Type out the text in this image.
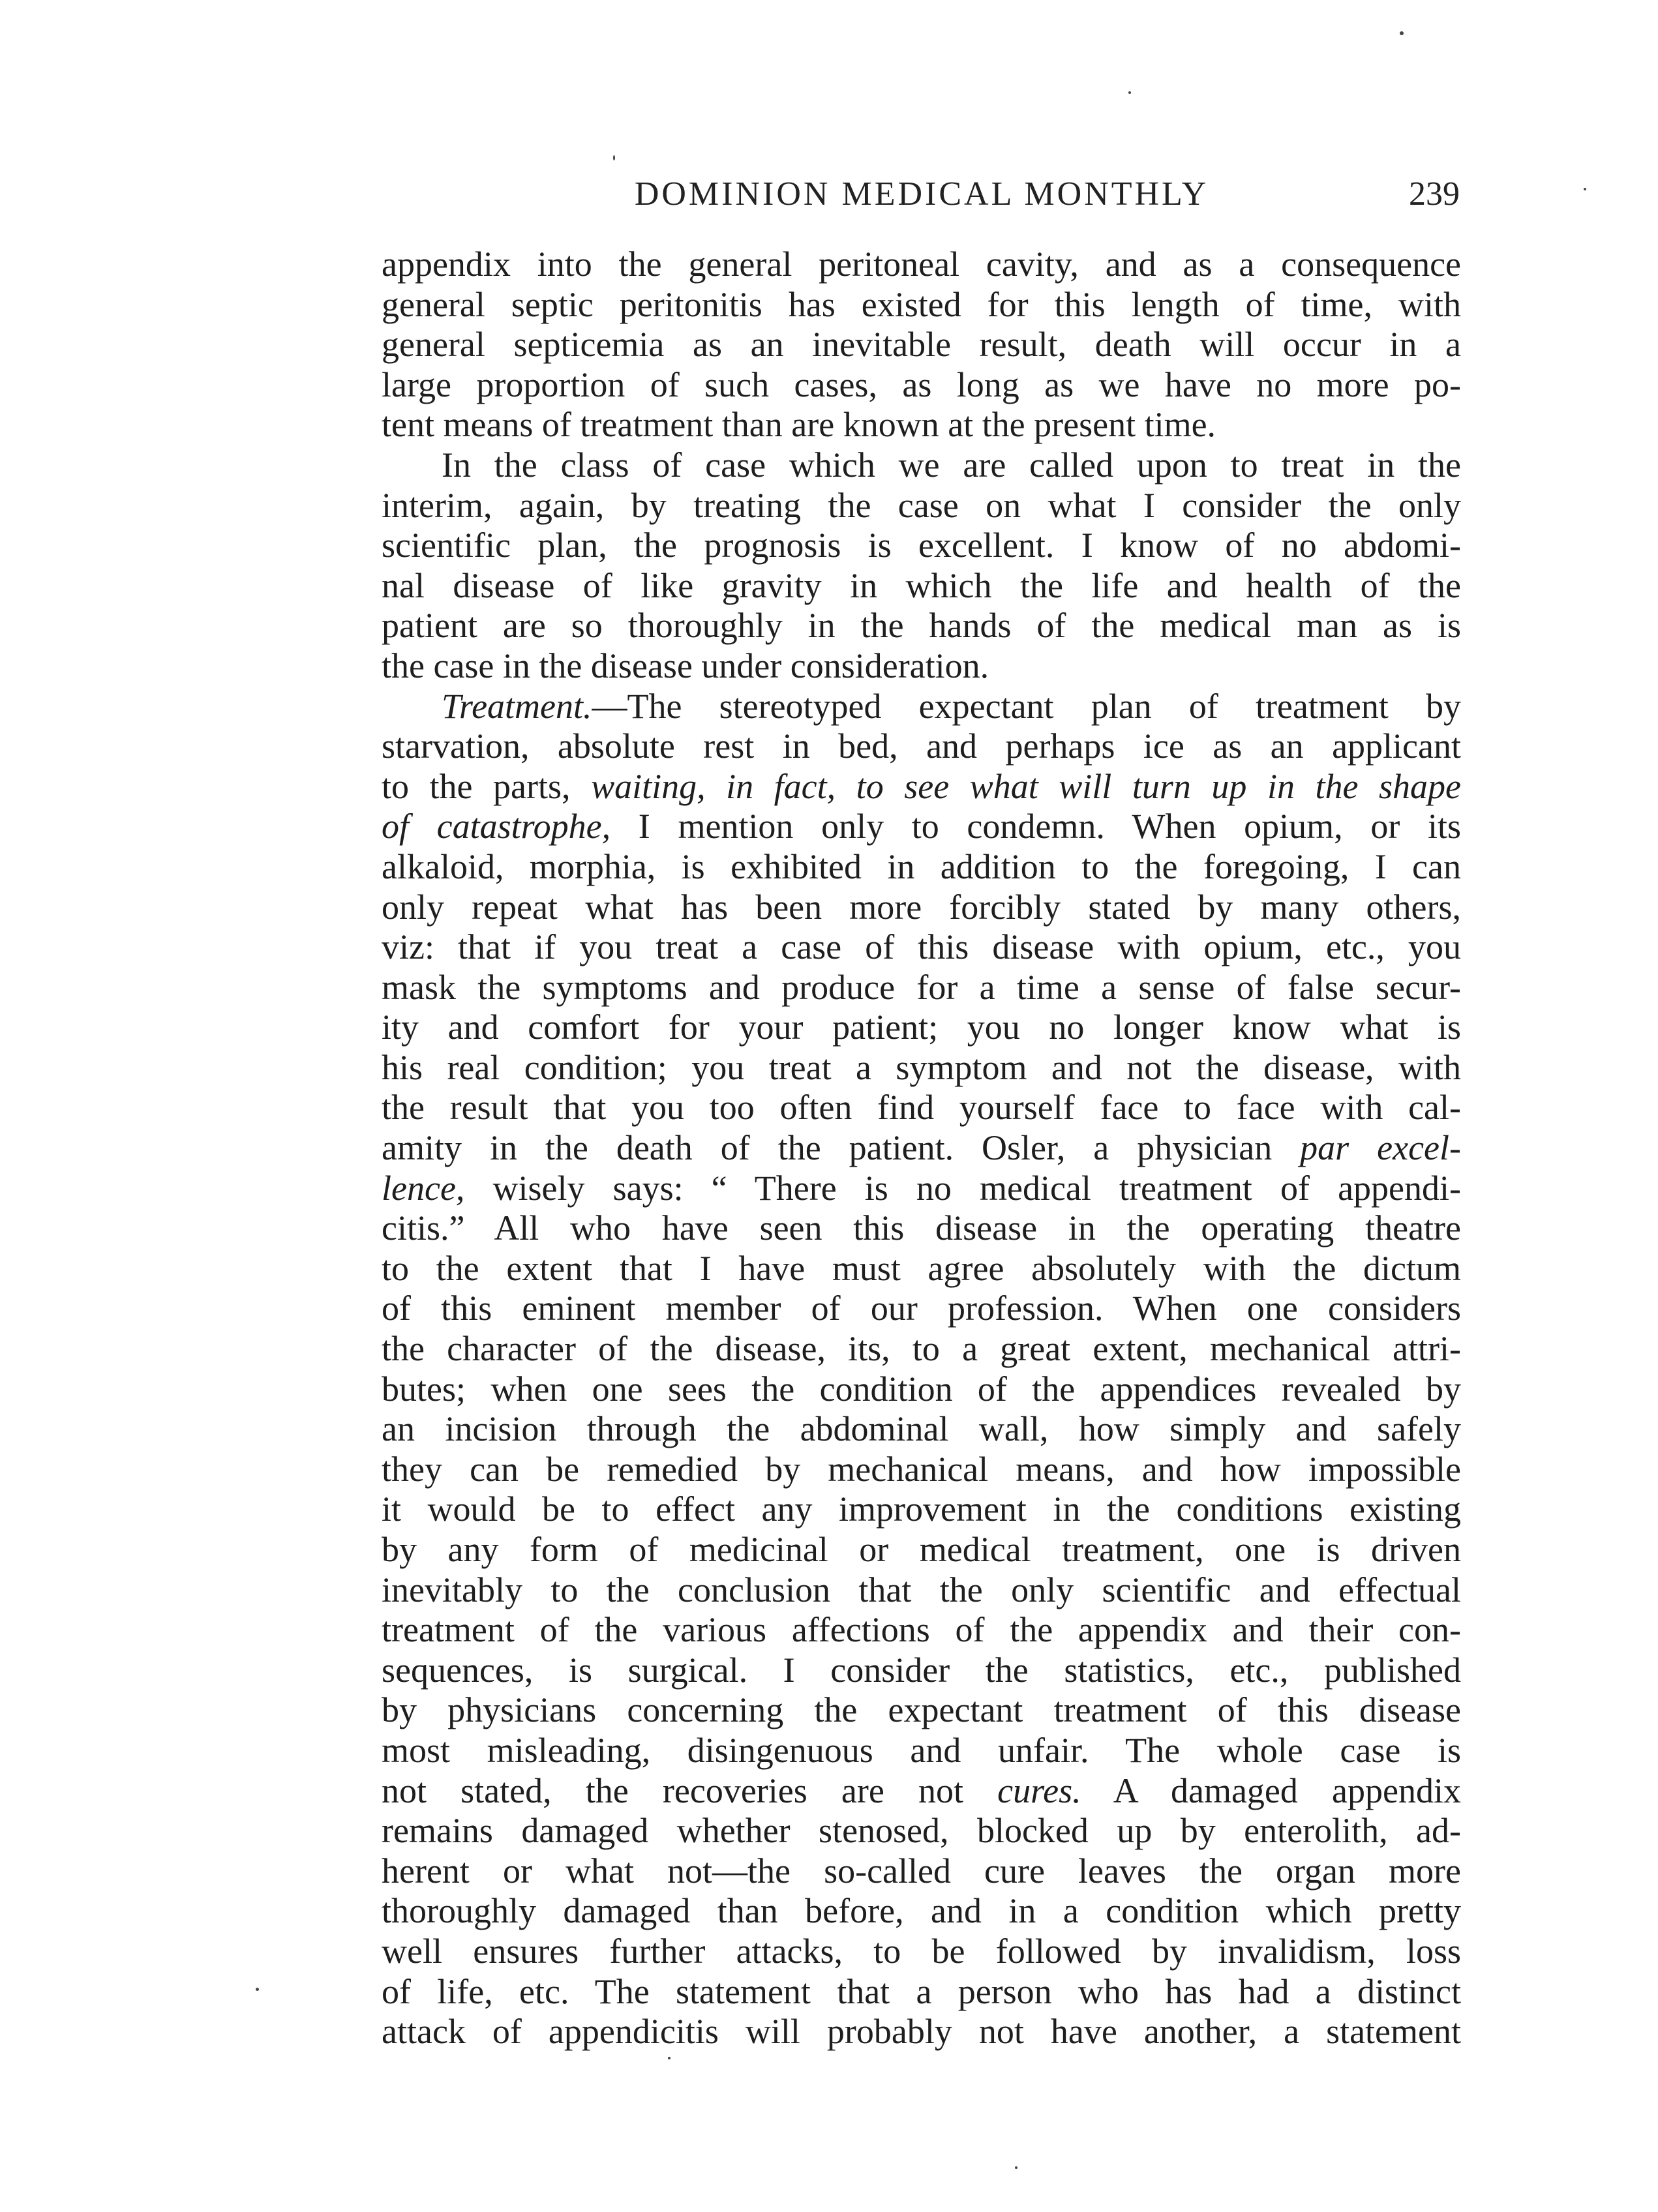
DOMINION MEDICAL MONTHLY	239
appendix into the general peritoneal cavity, and as a consequence
general septic peritonitis has existed for this length of time, with
general septicemia as an inevitable result, death will occur in a
large proportion of such cases, as long as we have no more po-
tent means of treatment than are known at the present time.
In the class of case which we are called upon to treat in the
interim, again, by treating the case on what I consider the only
scientific plan, the prognosis is excellent. I know of no abdomi-
nal disease of like gravity in which the life and health of the
patient are so thoroughly in the hands of the medical man as is
the case in the disease under consideration.
Treatment.—The stereotyped expectant plan of treatment by
starvation, absolute rest in bed, and perhaps ice as an applicant
to the parts, waiting, in fact, to see what will turn up in the shape
of catastrophe, I mention only to condemn. When opium, or its
alkaloid, morphia, is exhibited in addition to the foregoing, I can
only repeat what has been more forcibly stated by many others,
viz: that if you treat a case of this disease with opium, etc., you
mask the symptoms and produce for a time a sense of false secur-
ity and comfort for your patient; you no longer know what is
his real condition; you treat a symptom and not the disease, with
the result that you too often find yourself face to face with cal-
amity in the death of the patient. Osler, a physician par excel-
lence, wisely says: “ There is no medical treatment of appendi-
citis.” All who have seen this disease in the operating theatre
to the extent that I have must agree absolutely with the dictum
of this eminent member of our profession. When one considers
the character of the disease, its, to a great extent, mechanical attri-
butes; when one sees the condition of the appendices revealed by
an incision through the abdominal wall, how simply and safely
they can be remedied by mechanical means, and how impossible
it would be to effect any improvement in the conditions existing
by any form of medicinal or medical treatment, one is driven
inevitably to the conclusion that the only scientific and effectual
treatment of the various affections of the appendix and their con-
sequences, is surgical. I consider the statistics, etc., published
by physicians concerning the expectant treatment of this disease
most misleading, disingenuous and unfair. The whole case is
not stated, the recoveries are not cures. A damaged appendix
remains damaged whether stenosed, blocked up by enterolith, ad-
herent or what not—the so-called cure leaves the organ more
thoroughly damaged than before, and in a condition which pretty
well ensures further attacks, to be followed by invalidism, loss
of life, etc. The statement that a person who has had a distinct
attack of appendicitis will probably not have another, a statement
